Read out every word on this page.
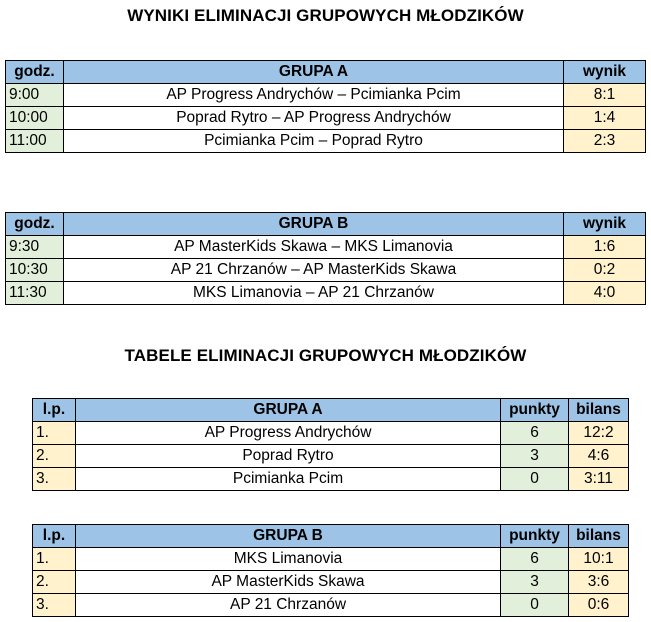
WYNIKI ELIMINACJI GRUPOWYCH MŁODZIKÓW
godz.	GRUPA A	wynik
9:00	AP Progress Andrychów – Pcimianka Pcim	8:1
10:00	Poprad Rytro – AP Progress Andrychów	1:4
11:00	Pcimianka Pcim – Poprad Rytro	2:3
godz.	GRUPA B	wynik
9:30	AP MasterKids Skawa – MKS Limanovia	1:6
10:30	AP 21 Chrzanów – AP MasterKids Skawa	0:2
11:30	MKS Limanovia – AP 21 Chrzanów	4:0
TABELE ELIMINACJI GRUPOWYCH MŁODZIKÓW
l.p.	GRUPA A	punkty	bilans
1.	AP Progress Andrychów	6	12:2
2.	Poprad Rytro	3	4:6
3.	Pcimianka Pcim	0	3:11
l.p.	GRUPA B	punkty	bilans
1.	MKS Limanovia	6	10:1
2.	AP MasterKids Skawa	3	3:6
3.	AP 21 Chrzanów	0	0:6
